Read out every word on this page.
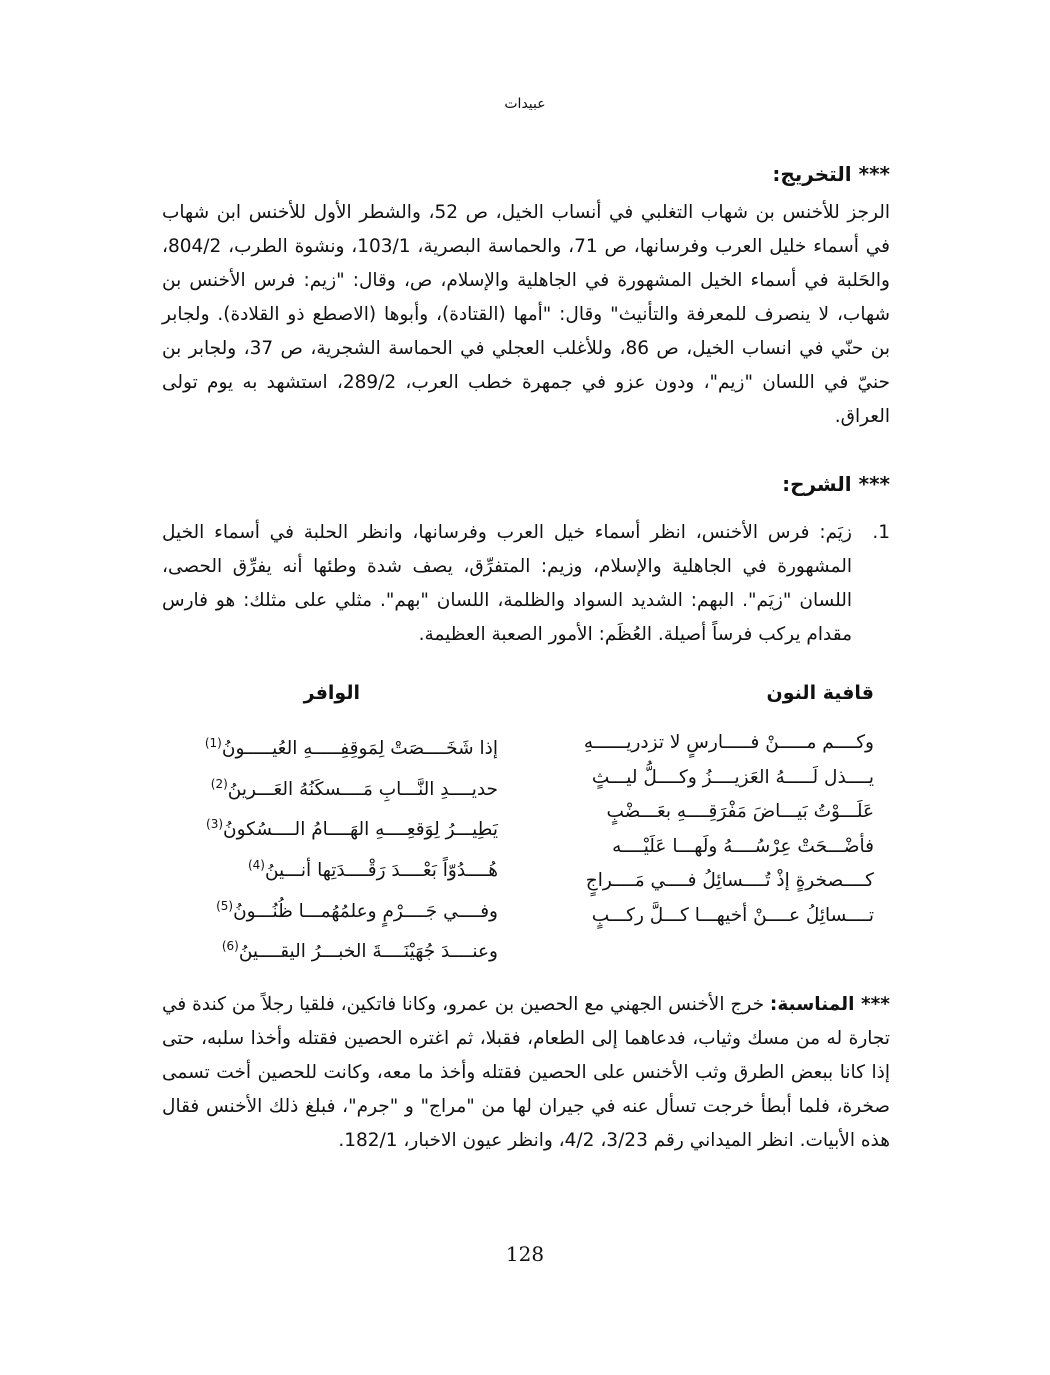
عبيدات
*** التخريج:

الرجز للأخنس بن شهاب التغلبي في أنساب الخيل، ص 52، والشطر الأول للأخنس ابن شهاب في أسماء خليل العرب وفرسانها، ص 71، والحماسة البصرية، 103/1، ونشوة الطرب، 804/2، والحَلبة في أسماء الخيل المشهورة في الجاهلية والإسلام، ص، وقال: "زيم: فرس الأخنس بن شهاب، لا ينصرف للمعرفة والتأنيث" وقال: "أمها (القتادة)، وأبوها (الاصطع ذو القلادة). ولجابر بن حنّي في انساب الخيل، ص 86، وللأغلب العجلي في الحماسة الشجرية، ص 37، ولجابر بن حنيّ في اللسان "زيم"، ودون عزو في جمهرة خطب العرب، 289/2، استشهد به يوم تولى العراق.

*** الشرح:
1.
زيَم: فرس الأخنس، انظر أسماء خيل العرب وفرسانها، وانظر الحلبة في أسماء الخيل المشهورة في الجاهلية والإسلام، وزيم: المتفرِّق، يصف شدة وطئها أنه يفرِّق الحصى، اللسان "زيَم". البهم: الشديد السواد والظلمة، اللسان "بهم". مثلي على مثلك: هو فارس مقدام يركب فرساً أصيلة. العُظَم: الأمور الصعبة العظيمة.
قافية النون
الوافر
وكــــم مـــــنْ فـــــارسٍ لا تزدريــــــهِ
يــــذل لَـــــهُ العَزيــــزُ وكــــلُّ ليـــثٍ
عَلَـــوْتُ بَيـــاضَ مَفْرَقِــــهِ بعَـــضْبٍ
فأضْـــحَتْ عِرْسُــــهُ ولَهـــا عَلَيْــــه
كــــصخرةٍ إذْ تُــــسائِلُ فــــي مَــــراجٍ
تــــسائِلُ عــــنْ أخيهـــا كـــلَّ ركـــبٍ
إذا شَخَــــصَتْ لِمَوقِفِـــــهِ العُيـــــونُ$^{(1)}$
حديــــدِ النَّـــابِ مَــــسكَنُهُ العَـــرينُ$^{(2)}$
يَطِيـــرُ لِوَقعِــــهِ الهَــــامُ الــــسُكونُ$^{(3)}$
هُــــدُوّاً بَعْــــدَ رَقْــــدَتِها أنـــينُ$^{(4)}$
وفــــي جَــــرْمٍ وعلمُهُمـــا ظُنُـــونُ$^{(5)}$
وعنــــدَ جُهَيْنَــــةَ الخبـــرُ اليقــــينُ$^{(6)}$

*** المناسبة: خرج الأخنس الجهني مع الحصين بن عمرو، وكانا فاتكين، فلقيا رجلاً من كندة في تجارة له من مسك وثياب، فدعاهما إلى الطعام، فقبلا، ثم اغتره الحصين فقتله وأخذا سلبه، حتى إذا كانا ببعض الطرق وثب الأخنس على الحصين فقتله وأخذ ما معه، وكانت للحصين أخت تسمى صخرة، فلما أبطأ خرجت تسأل عنه في جيران لها من "مراج" و "جرم"، فبلغ ذلك الأخنس فقال هذه الأبيات. انظر الميداني رقم 3/23، 4/2، وانظر عيون الاخبار، 182/1.

128
